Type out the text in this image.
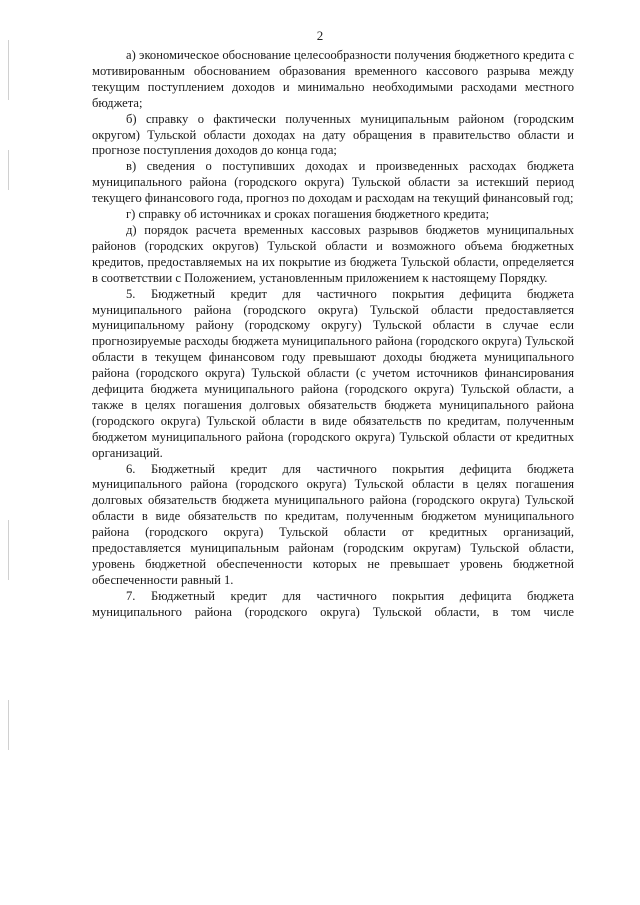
2

а) экономическое обоснование целесообразности получения бюджетного кредита с мотивированным обоснованием образования временного кассового разрыва между текущим поступлением доходов и минимально необходимыми расходами местного бюджета;

б) справку о фактически полученных муниципальным районом (городским округом) Тульской области доходах на дату обращения в правительство области и прогнозе поступления доходов до конца года;

в) сведения о поступивших доходах и произведенных расходах бюджета муниципального района (городского округа) Тульской области за истекший период текущего финансового года, прогноз по доходам и расходам на текущий финансовый год;

г) справку об источниках и сроках погашения бюджетного кредита;

д) порядок расчета временных кассовых разрывов бюджетов муниципальных районов (городских округов) Тульской области и возможного объема бюджетных кредитов, предоставляемых на их покрытие из бюджета Тульской области, определяется в соответствии с Положением, установленным приложением к настоящему Порядку.

5. Бюджетный кредит для частичного покрытия дефицита бюджета муниципального района (городского округа) Тульской области предоставляется муниципальному району (городскому округу) Тульской области в случае если прогнозируемые расходы бюджета муниципального района (городского округа) Тульской области в текущем финансовом году превышают доходы бюджета муниципального района (городского округа) Тульской области (с учетом источников финансирования дефицита бюджета муниципального района (городского округа) Тульской области, а также в целях погашения долговых обязательств бюджета муниципального района (городского округа) Тульской области в виде обязательств по кредитам, полученным бюджетом муниципального района (городского округа) Тульской области от кредитных организаций.

6. Бюджетный кредит для частичного покрытия дефицита бюджета муниципального района (городского округа) Тульской области в целях погашения долговых обязательств бюджета муниципального района (городского округа) Тульской области в виде обязательств по кредитам, полученным бюджетом муниципального района (городского округа) Тульской области от кредитных организаций, предоставляется муниципальным районам (городским округам) Тульской области, уровень бюджетной обеспеченности которых не превышает уровень бюджетной обеспеченности равный 1.

7. Бюджетный кредит для частичного покрытия дефицита бюджета муниципального района (городского округа) Тульской области, в том числе
